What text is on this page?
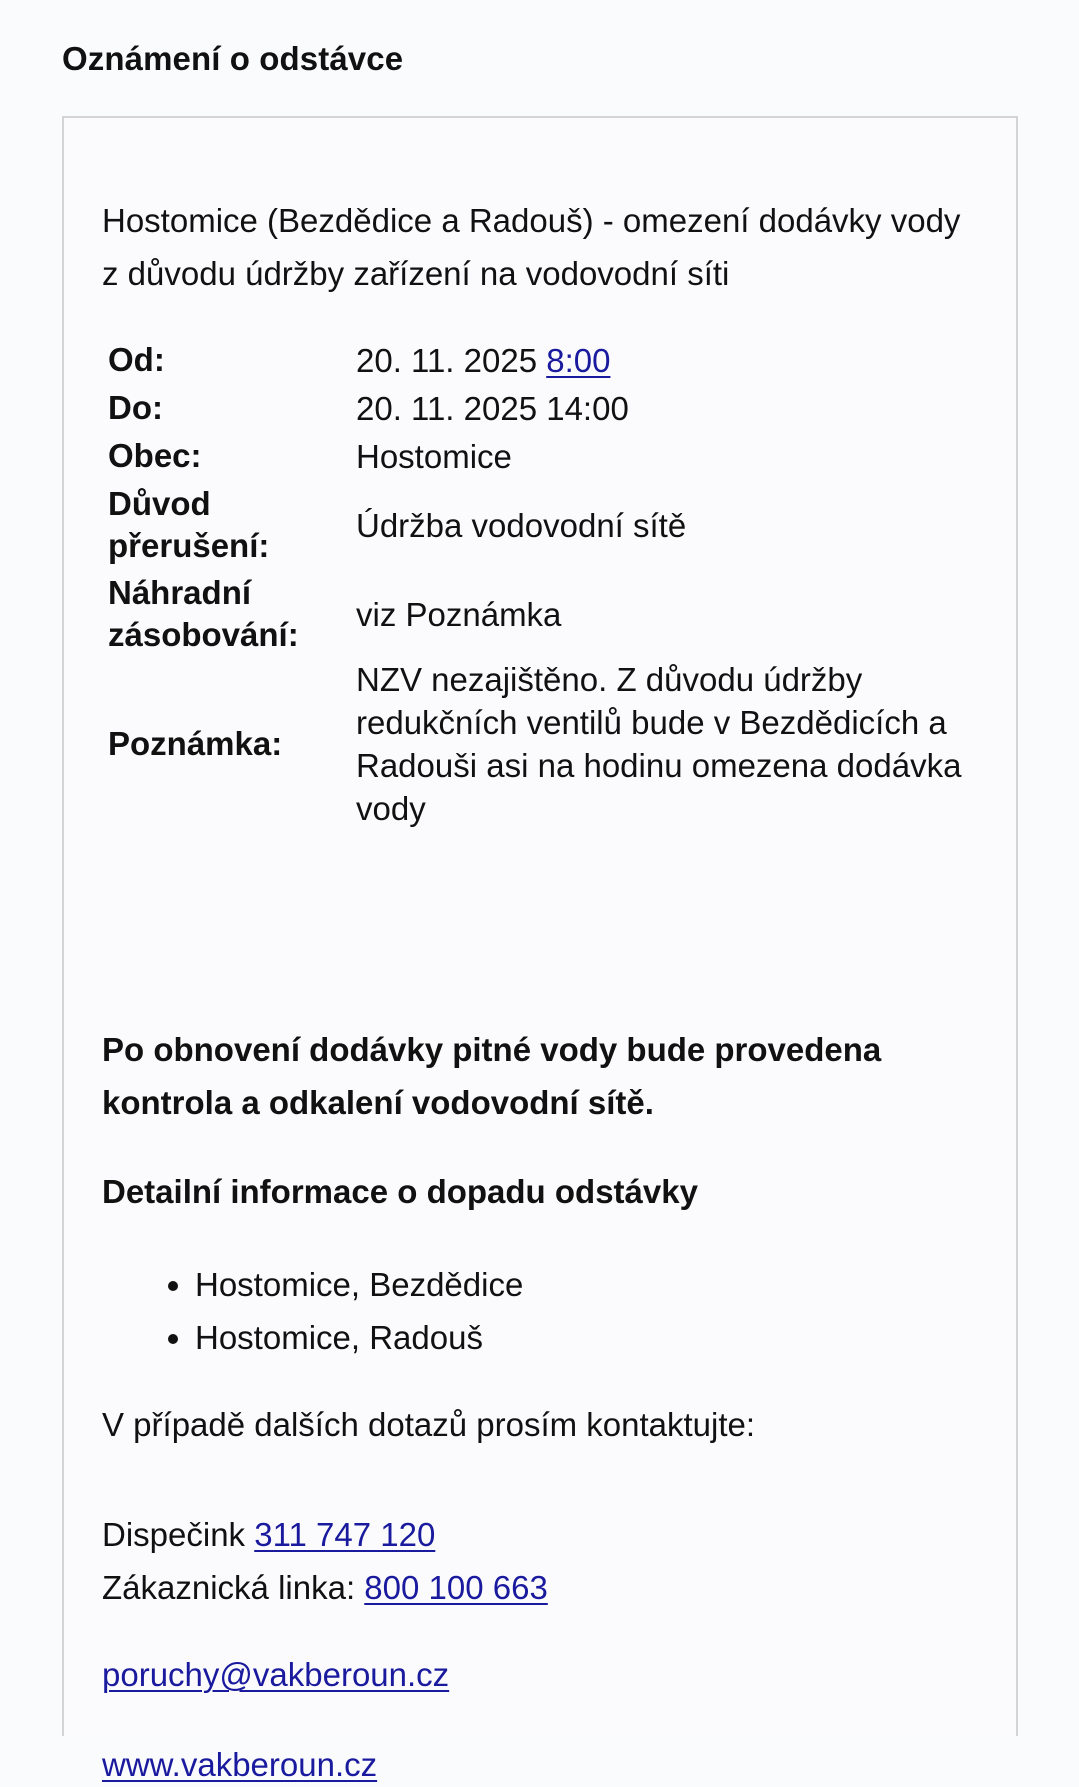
Oznámení o odstávce

Hostomice (Bezdědice a Radouš) - omezení dodávky vody z důvodu údržby zařízení na vodovodní síti

Od:	20. 11. 2025 8:00
Do:	20. 11. 2025 14:00
Obec:	Hostomice
Důvod přerušení:	Údržba vodovodní sítě
Náhradní zásobování:	viz Poznámka
Poznámka:	NZV nezajištěno. Z důvodu údržby redukčních ventilů bude v Bezdědicích a Radouši asi na hodinu omezena dodávka vody

Po obnovení dodávky pitné vody bude provedena kontrola a odkalení vodovodní sítě.

Detailní informace o dopadu odstávky
• Hostomice, Bezdědice
• Hostomice, Radouš

V případě dalších dotazů prosím kontaktujte:

Dispečink 311 747 120
Zákaznická linka: 800 100 663

poruchy@vakberoun.cz

www.vakberoun.cz
